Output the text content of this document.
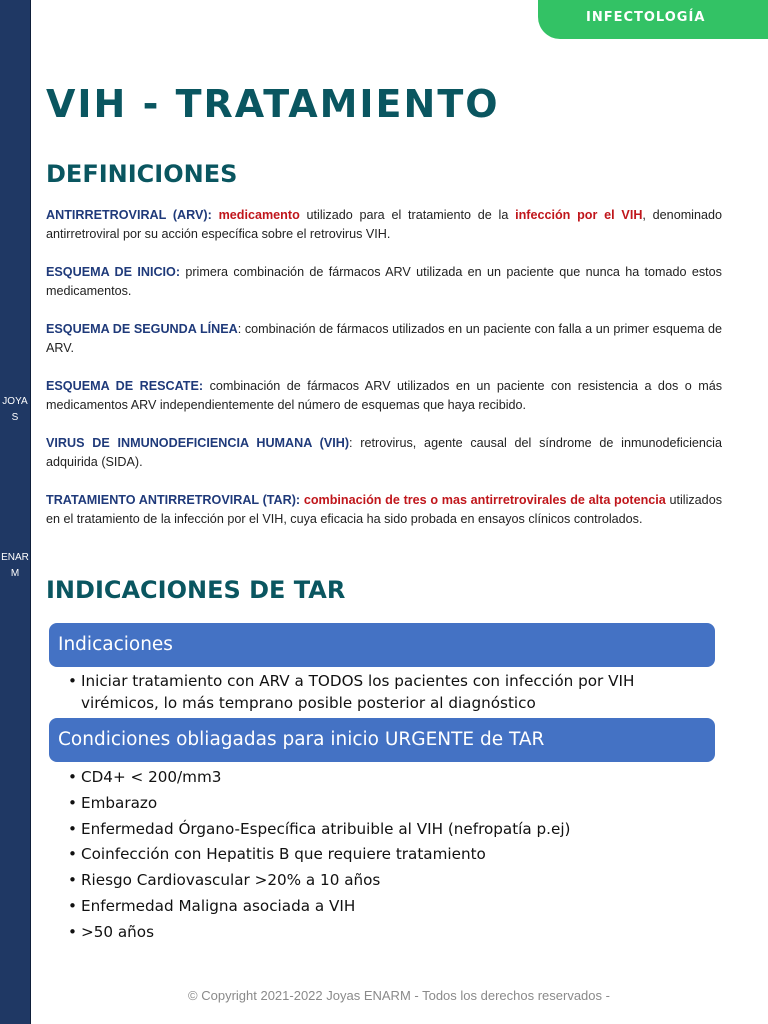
JOYAS
ENARM
INFECTOLOGÍA
VIH - TRATAMIENTO
DEFINICIONES

ANTIRRETROVIRAL (ARV): medicamento utilizado para el tratamiento de la infección por el VIH, denominado antirretroviral por su acción específica sobre el retrovirus VIH.

ESQUEMA DE INICIO: primera combinación de fármacos ARV utilizada en un paciente que nunca ha tomado estos medicamentos.

ESQUEMA DE SEGUNDA LÍNEA: combinación de fármacos utilizados en un paciente con falla a un primer esquema de ARV.

ESQUEMA DE RESCATE: combinación de fármacos ARV utilizados en un paciente con resistencia a dos o más medicamentos ARV independientemente del número de esquemas que haya recibido.

VIRUS DE INMUNODEFICIENCIA HUMANA (VIH): retrovirus, agente causal del síndrome de inmunodeficiencia adquirida (SIDA).

TRATAMIENTO ANTIRRETROVIRAL (TAR): combinación de tres o mas antirretrovirales de alta potencia utilizados en el tratamiento de la infección por el VIH, cuya eficacia ha sido probada en ensayos clínicos controlados.

INDICACIONES DE TAR
Indicaciones
• Iniciar tratamiento con ARV a TODOS los pacientes con infección por VIH virémicos, lo más temprano posible posterior al diagnóstico
Condiciones obliagadas para inicio URGENTE de TAR
• CD4+ < 200/mm3
• Embarazo
• Enfermedad Órgano-Específica atribuible al VIH (nefropatía p.ej)
• Coinfección con Hepatitis B que requiere tratamiento
• Riesgo Cardiovascular >20% a 10 años
• Enfermedad Maligna asociada a VIH
• >50 años
© Copyright 2021-2022 Joyas ENARM - Todos los derechos reservados -
